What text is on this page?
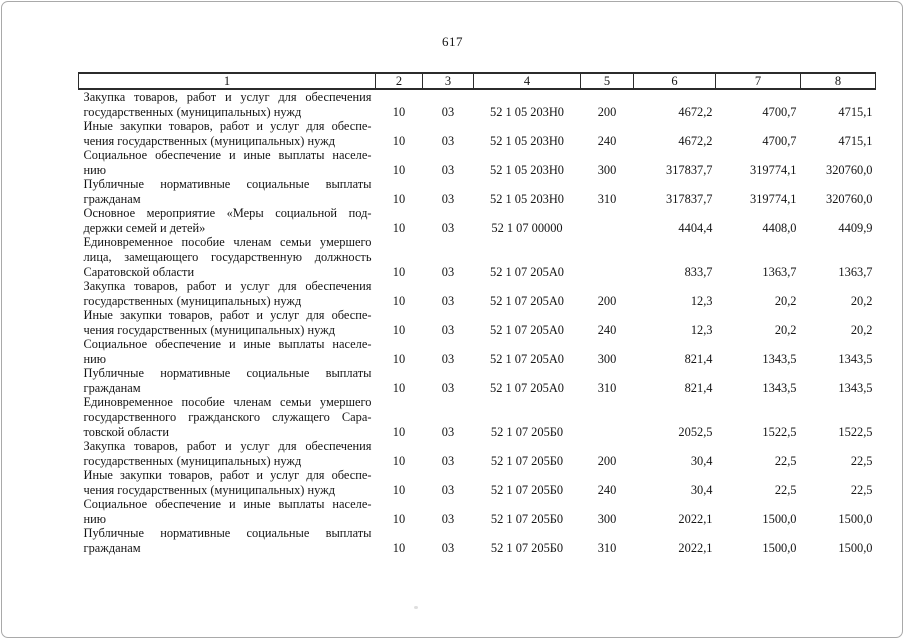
617
1	2	3	4	5	6	7	8

Закупка товаров, работ и услуг для обеспечения
государственных (муниципальных) нужд	10	03	52 1 05 203Н0	200	4672,2	4700,7	4715,1

Иные закупки товаров, работ и услуг для обеспе-
чения государственных (муниципальных) нужд	10	03	52 1 05 203Н0	240	4672,2	4700,7	4715,1

Социальное обеспечение и иные выплаты населе-
нию	10	03	52 1 05 203Н0	300	317837,7	319774,1	320760,0

Публичные нормативные социальные выплаты
гражданам	10	03	52 1 05 203Н0	310	317837,7	319774,1	320760,0

Основное мероприятие «Меры социальной под-
держки семей и детей»	10	03	52 1 07 00000		4404,4	4408,0	4409,9

Единовременное пособие членам семьи умершего
лица, замещающего государственную должность
Саратовской области	10	03	52 1 07 205А0		833,7	1363,7	1363,7

Закупка товаров, работ и услуг для обеспечения
государственных (муниципальных) нужд	10	03	52 1 07 205А0	200	12,3	20,2	20,2

Иные закупки товаров, работ и услуг для обеспе-
чения государственных (муниципальных) нужд	10	03	52 1 07 205А0	240	12,3	20,2	20,2

Социальное обеспечение и иные выплаты населе-
нию	10	03	52 1 07 205А0	300	821,4	1343,5	1343,5

Публичные нормативные социальные выплаты
гражданам	10	03	52 1 07 205А0	310	821,4	1343,5	1343,5

Единовременное пособие членам семьи умершего
государственного гражданского служащего Сара-
товской области	10	03	52 1 07 205Б0		2052,5	1522,5	1522,5

Закупка товаров, работ и услуг для обеспечения
государственных (муниципальных) нужд	10	03	52 1 07 205Б0	200	30,4	22,5	22,5

Иные закупки товаров, работ и услуг для обеспе-
чения государственных (муниципальных) нужд	10	03	52 1 07 205Б0	240	30,4	22,5	22,5

Социальное обеспечение и иные выплаты населе-
нию	10	03	52 1 07 205Б0	300	2022,1	1500,0	1500,0

Публичные нормативные социальные выплаты
гражданам	10	03	52 1 07 205Б0	310	2022,1	1500,0	1500,0
